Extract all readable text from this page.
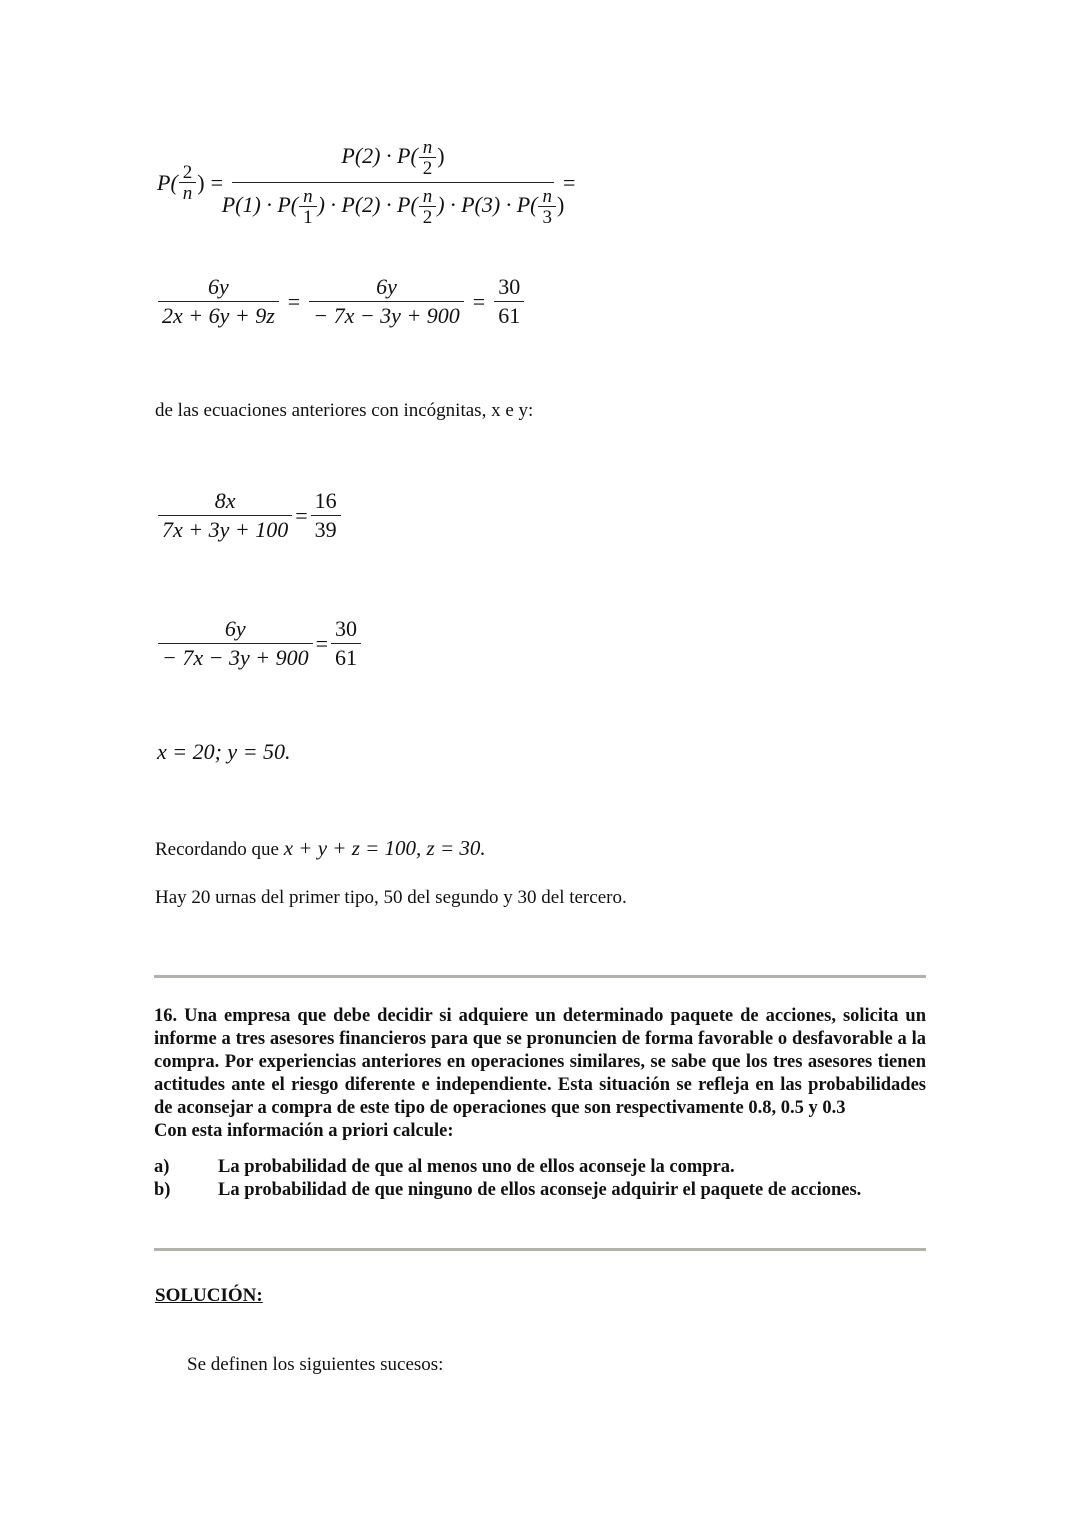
$P( \frac{2}{n}$ ) = $\frac{P(2) \cdot P( \frac{n}{2} )}{P(1) \cdot P( \frac{n}{1} ) \cdot P(2) \cdot P( \frac{n}{2} ) \cdot P(3) \cdot P( \frac{n}{3} )}$ =
$\frac{6y}{2x + 6y + 9z} = \frac{6y}{- 7x - 3y + 900} = \frac{30}{61}$
de las ecuaciones anteriores con incógnitas, x e y:
$\frac{8x}{7x + 3y + 100} = \frac{16}{39}$
$\frac{6y}{- 7x - 3y + 900} = \frac{30}{61}$
x = 20; y = 50.
Recordando que x + y + z = 100, z = 30.
Hay 20 urnas del primer tipo, 50 del segundo y 30 del tercero.

16. Una empresa que debe decidir si adquiere un determinado paquete de acciones, solicita un informe a tres asesores financieros para que se pronuncien de forma favorable o desfavorable a la compra. Por experiencias anteriores en operaciones similares, se sabe que los tres asesores tienen actitudes ante el riesgo diferente e independiente. Esta situación se refleja en las probabilidades de aconsejar a compra de este tipo de operaciones que son respectivamente 0.8, 0.5 y 0.3

Con esta información a priori calcule:

a)	La probabilidad de que al menos uno de ellos aconseje la compra.
b)	La probabilidad de que ninguno de ellos aconseje adquirir el paquete de acciones.
SOLUCIÓN:
Se definen los siguientes sucesos:
